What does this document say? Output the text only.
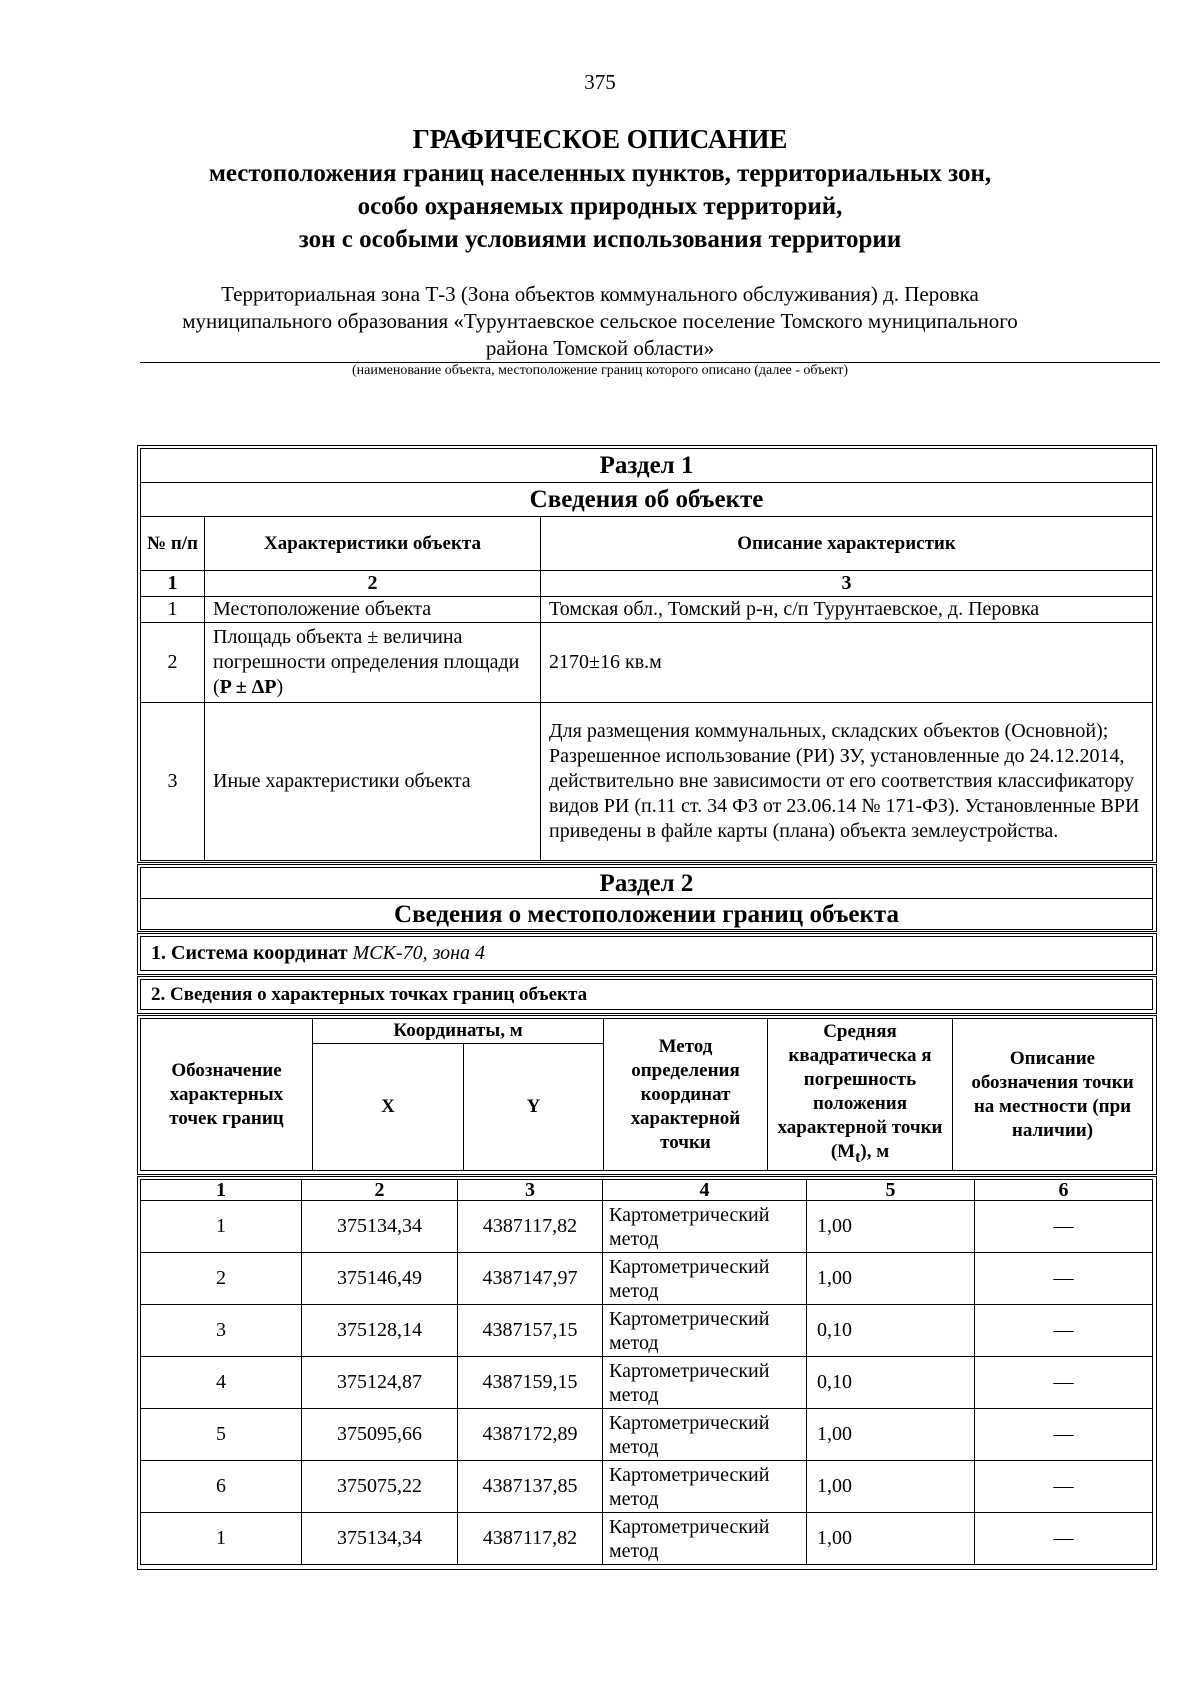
375
ГРАФИЧЕСКОЕ ОПИСАНИЕ
местоположения границ населенных пунктов, территориальных зон,
особо охраняемых природных территорий,
зон с особыми условиями использования территории
Территориальная зона Т-3 (Зона объектов коммунального обслуживания) д. Перовка
муниципального образования «Турунтаевское сельское поселение Томского муниципального
района Томской области»
(наименование объекта, местоположение границ которого описано (далее - объект)
Раздел 1		
Сведения об объекте		
№ п/п	Характеристики объекта	Описание характеристик
1	2	3
1	Местоположение объекта	Томская обл., Томский р-н, с/п Турунтаевское, д. Перовка
2	Площадь объекта ± величина погрешности определения площади (P ± ΔP)	2170±16 кв.м
3	Иные характеристики объекта	Для размещения коммунальных, складских объектов (Основной); Разрешенное использование (РИ) ЗУ, установленные до 24.12.2014, действительно вне зависимости от его соответствия классификатору видов РИ (п.11 ст. 34 ФЗ от 23.06.14 № 171-ФЗ). Установленные ВРИ приведены в файле карты (плана) объекта землеустройства.
Раздел 2
Сведения о местоположении границ объекта
1. Система координат МСК-70, зона 4
2. Сведения о характерных точках границ объекта
Обозначение характерных точек границ	Координаты, м		Метод определения координат характерной точки	Средняя квадратическа я погрешность положения характерной точки $(M_t)$, м	Описание обозначения точки на местности (при наличии)
	X	Y			
1	2	3	4	5	6
1	375134,34	4387117,82	Картометрический метод	1,00	—
2	375146,49	4387147,97	Картометрический метод	1,00	—
3	375128,14	4387157,15	Картометрический метод	0,10	—
4	375124,87	4387159,15	Картометрический метод	0,10	—
5	375095,66	4387172,89	Картометрический метод	1,00	—
6	375075,22	4387137,85	Картометрический метод	1,00	—
1	375134,34	4387117,82	Картометрический метод	1,00	—
